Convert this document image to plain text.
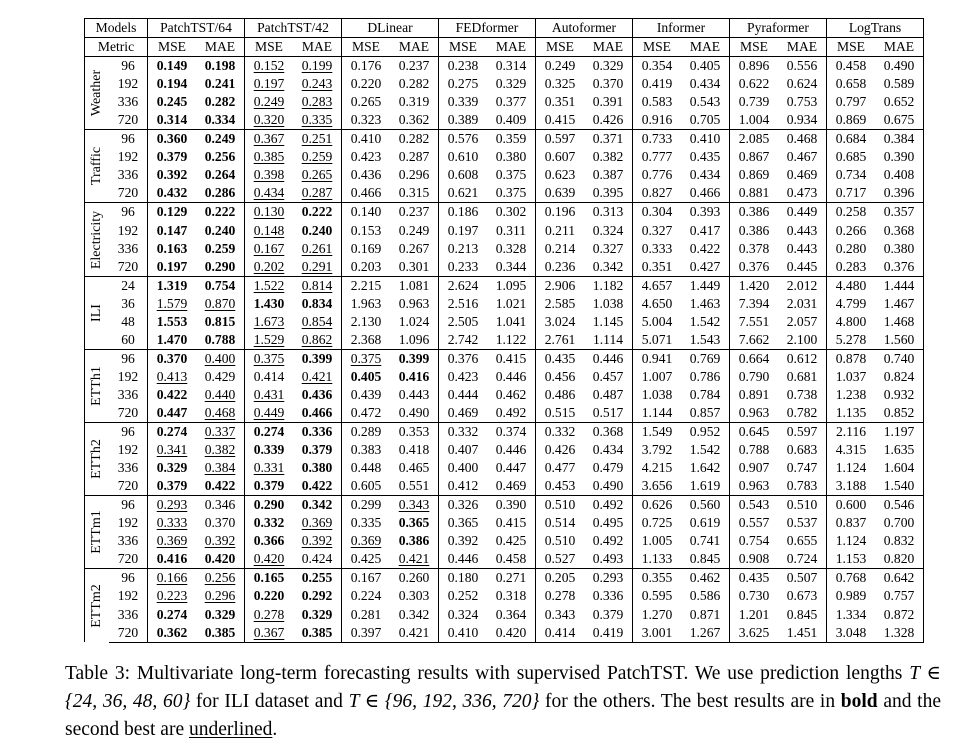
Models		PatchTST/64		PatchTST/42		DLinear		FEDformer		Autoformer		Informer		Pyraformer		LogTrans	
Metric		MSE	MAE	MSE	MAE	MSE	MAE	MSE	MAE	MSE	MAE	MSE	MAE	MSE	MAE	MSE	MAE

Weather	96	0.149	0.198	0.152	0.199	0.176	0.237	0.238	0.314	0.249	0.329	0.354	0.405	0.896	0.556	0.458	0.490
	192	0.194	0.241	0.197	0.243	0.220	0.282	0.275	0.329	0.325	0.370	0.419	0.434	0.622	0.624	0.658	0.589
	336	0.245	0.282	0.249	0.283	0.265	0.319	0.339	0.377	0.351	0.391	0.583	0.543	0.739	0.753	0.797	0.652
	720	0.314	0.334	0.320	0.335	0.323	0.362	0.389	0.409	0.415	0.426	0.916	0.705	1.004	0.934	0.869	0.675

Traffic	96	0.360	0.249	0.367	0.251	0.410	0.282	0.576	0.359	0.597	0.371	0.733	0.410	2.085	0.468	0.684	0.384
	192	0.379	0.256	0.385	0.259	0.423	0.287	0.610	0.380	0.607	0.382	0.777	0.435	0.867	0.467	0.685	0.390
	336	0.392	0.264	0.398	0.265	0.436	0.296	0.608	0.375	0.623	0.387	0.776	0.434	0.869	0.469	0.734	0.408
	720	0.432	0.286	0.434	0.287	0.466	0.315	0.621	0.375	0.639	0.395	0.827	0.466	0.881	0.473	0.717	0.396

Electricity	96	0.129	0.222	0.130	0.222	0.140	0.237	0.186	0.302	0.196	0.313	0.304	0.393	0.386	0.449	0.258	0.357
	192	0.147	0.240	0.148	0.240	0.153	0.249	0.197	0.311	0.211	0.324	0.327	0.417	0.386	0.443	0.266	0.368
	336	0.163	0.259	0.167	0.261	0.169	0.267	0.213	0.328	0.214	0.327	0.333	0.422	0.378	0.443	0.280	0.380
	720	0.197	0.290	0.202	0.291	0.203	0.301	0.233	0.344	0.236	0.342	0.351	0.427	0.376	0.445	0.283	0.376

ILI	24	1.319	0.754	1.522	0.814	2.215	1.081	2.624	1.095	2.906	1.182	4.657	1.449	1.420	2.012	4.480	1.444
	36	1.579	0.870	1.430	0.834	1.963	0.963	2.516	1.021	2.585	1.038	4.650	1.463	7.394	2.031	4.799	1.467
	48	1.553	0.815	1.673	0.854	2.130	1.024	2.505	1.041	3.024	1.145	5.004	1.542	7.551	2.057	4.800	1.468
	60	1.470	0.788	1.529	0.862	2.368	1.096	2.742	1.122	2.761	1.114	5.071	1.543	7.662	2.100	5.278	1.560

ETTh1	96	0.370	0.400	0.375	0.399	0.375	0.399	0.376	0.415	0.435	0.446	0.941	0.769	0.664	0.612	0.878	0.740
	192	0.413	0.429	0.414	0.421	0.405	0.416	0.423	0.446	0.456	0.457	1.007	0.786	0.790	0.681	1.037	0.824
	336	0.422	0.440	0.431	0.436	0.439	0.443	0.444	0.462	0.486	0.487	1.038	0.784	0.891	0.738	1.238	0.932
	720	0.447	0.468	0.449	0.466	0.472	0.490	0.469	0.492	0.515	0.517	1.144	0.857	0.963	0.782	1.135	0.852

ETTh2	96	0.274	0.337	0.274	0.336	0.289	0.353	0.332	0.374	0.332	0.368	1.549	0.952	0.645	0.597	2.116	1.197
	192	0.341	0.382	0.339	0.379	0.383	0.418	0.407	0.446	0.426	0.434	3.792	1.542	0.788	0.683	4.315	1.635
	336	0.329	0.384	0.331	0.380	0.448	0.465	0.400	0.447	0.477	0.479	4.215	1.642	0.907	0.747	1.124	1.604
	720	0.379	0.422	0.379	0.422	0.605	0.551	0.412	0.469	0.453	0.490	3.656	1.619	0.963	0.783	3.188	1.540

ETTm1	96	0.293	0.346	0.290	0.342	0.299	0.343	0.326	0.390	0.510	0.492	0.626	0.560	0.543	0.510	0.600	0.546
	192	0.333	0.370	0.332	0.369	0.335	0.365	0.365	0.415	0.514	0.495	0.725	0.619	0.557	0.537	0.837	0.700
	336	0.369	0.392	0.366	0.392	0.369	0.386	0.392	0.425	0.510	0.492	1.005	0.741	0.754	0.655	1.124	0.832
	720	0.416	0.420	0.420	0.424	0.425	0.421	0.446	0.458	0.527	0.493	1.133	0.845	0.908	0.724	1.153	0.820

ETTm2	96	0.166	0.256	0.165	0.255	0.167	0.260	0.180	0.271	0.205	0.293	0.355	0.462	0.435	0.507	0.768	0.642
	192	0.223	0.296	0.220	0.292	0.224	0.303	0.252	0.318	0.278	0.336	0.595	0.586	0.730	0.673	0.989	0.757
	336	0.274	0.329	0.278	0.329	0.281	0.342	0.324	0.364	0.343	0.379	1.270	0.871	1.201	0.845	1.334	0.872
	720	0.362	0.385	0.367	0.385	0.397	0.421	0.410	0.420	0.414	0.419	3.001	1.267	3.625	1.451	3.048	1.328
Table 3: Multivariate long-term forecasting results with supervised PatchTST. We use prediction lengths T ∈ {24, 36, 48, 60} for ILI dataset and T ∈ {96, 192, 336, 720} for the others. The best results are in bold and the second best are underlined.
